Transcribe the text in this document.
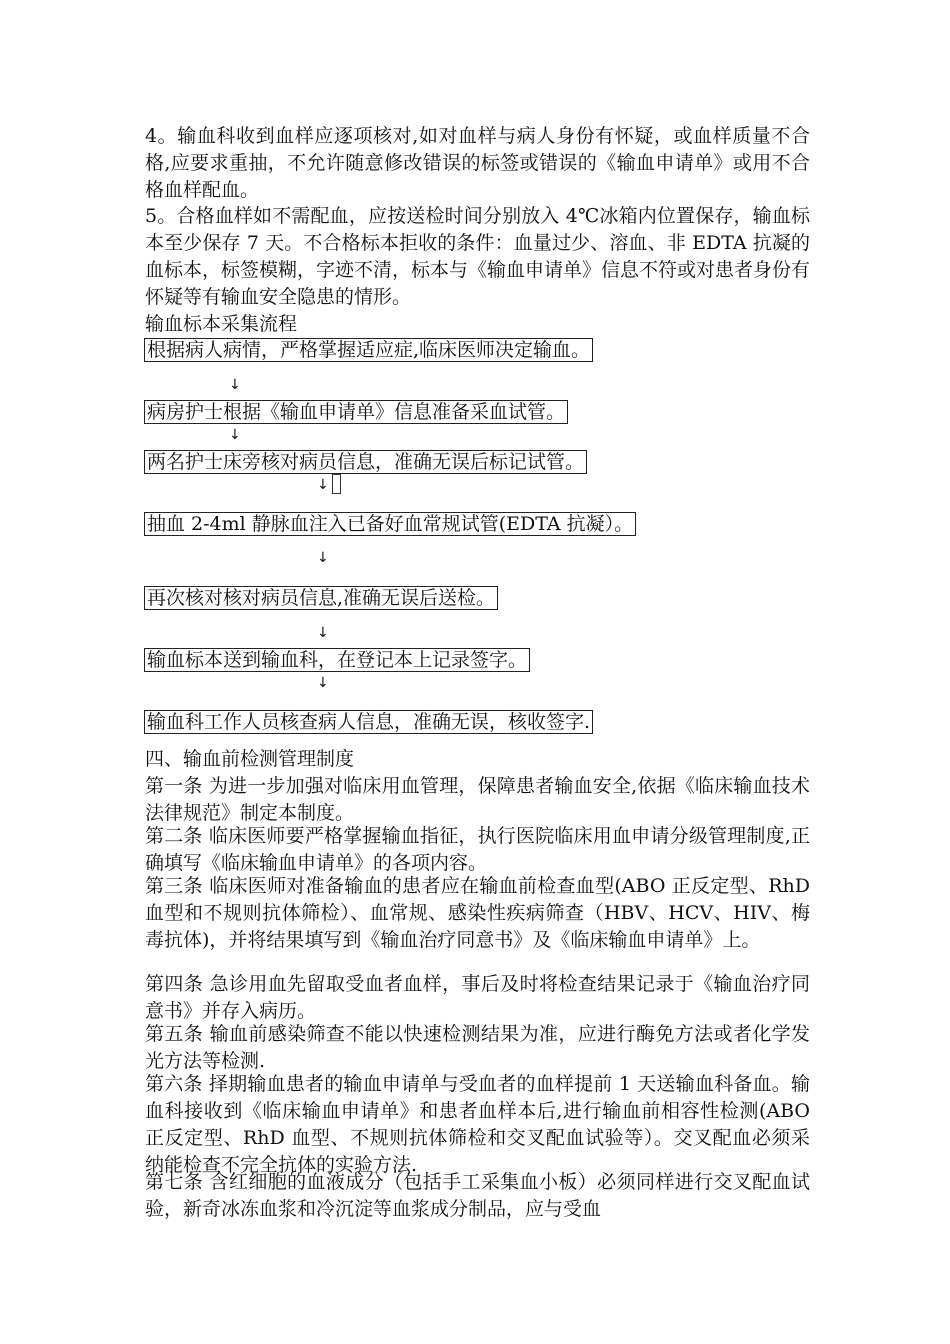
4。输血科收到血样应逐项核对,如对血样与病人身份有怀疑，或血样质量不合格,应要求重抽，不允许随意修改错误的标签或错误的《输血申请单》或用不合格血样配血。

5。合格血样如不需配血，应按送检时间分别放入 4℃冰箱内位置保存，输血标本至少保存 7 天。不合格标本拒收的条件：血量过少、溶血、非 EDTA 抗凝的血标本，标签模糊，字迹不清，标本与《输血申请单》信息不符或对患者身份有怀疑等有输血安全隐患的情形。

输血标本采集流程

根据病人病情，严格掌握适应症,临床医师决定输血。
↓
病房护士根据《输血申请单》信息准备采血试管。
↓
两名护士床旁核对病员信息，准确无误后标记试管。
↓
抽血 2-4ml 静脉血注入已备好血常规试管(EDTA 抗凝）。
↓
再次核对核对病员信息,准确无误后送检。
↓
输血标本送到输血科，在登记本上记录签字。
↓
输血科工作人员核查病人信息，准确无误，核收签字.

四、输血前检测管理制度

第一条 为进一步加强对临床用血管理，保障患者输血安全,依据《临床输血技术法律规范》制定本制度。

第二条 临床医师要严格掌握输血指征，执行医院临床用血申请分级管理制度,正确填写《临床输血申请单》的各项内容。

第三条 临床医师对准备输血的患者应在输血前检查血型(ABO 正反定型、RhD 血型和不规则抗体筛检）、血常规、感染性疾病筛查（HBV、HCV、HIV、梅毒抗体)，并将结果填写到《输血治疗同意书》及《临床输血申请单》上。

第四条 急诊用血先留取受血者血样，事后及时将检查结果记录于《输血治疗同意书》并存入病历。

第五条 输血前感染筛查不能以快速检测结果为准，应进行酶免方法或者化学发光方法等检测.

第六条 择期输血患者的输血申请单与受血者的血样提前 1 天送输血科备血。输血科接收到《临床输血申请单》和患者血样本后,进行输血前相容性检测(ABO 正反定型、RhD 血型、不规则抗体筛检和交叉配血试验等）。交叉配血必须采纳能检查不完全抗体的实验方法.

第七条 含红细胞的血液成分（包括手工采集血小板）必须同样进行交叉配血试验，新奇冰冻血浆和冷沉淀等血浆成分制品，应与受血
